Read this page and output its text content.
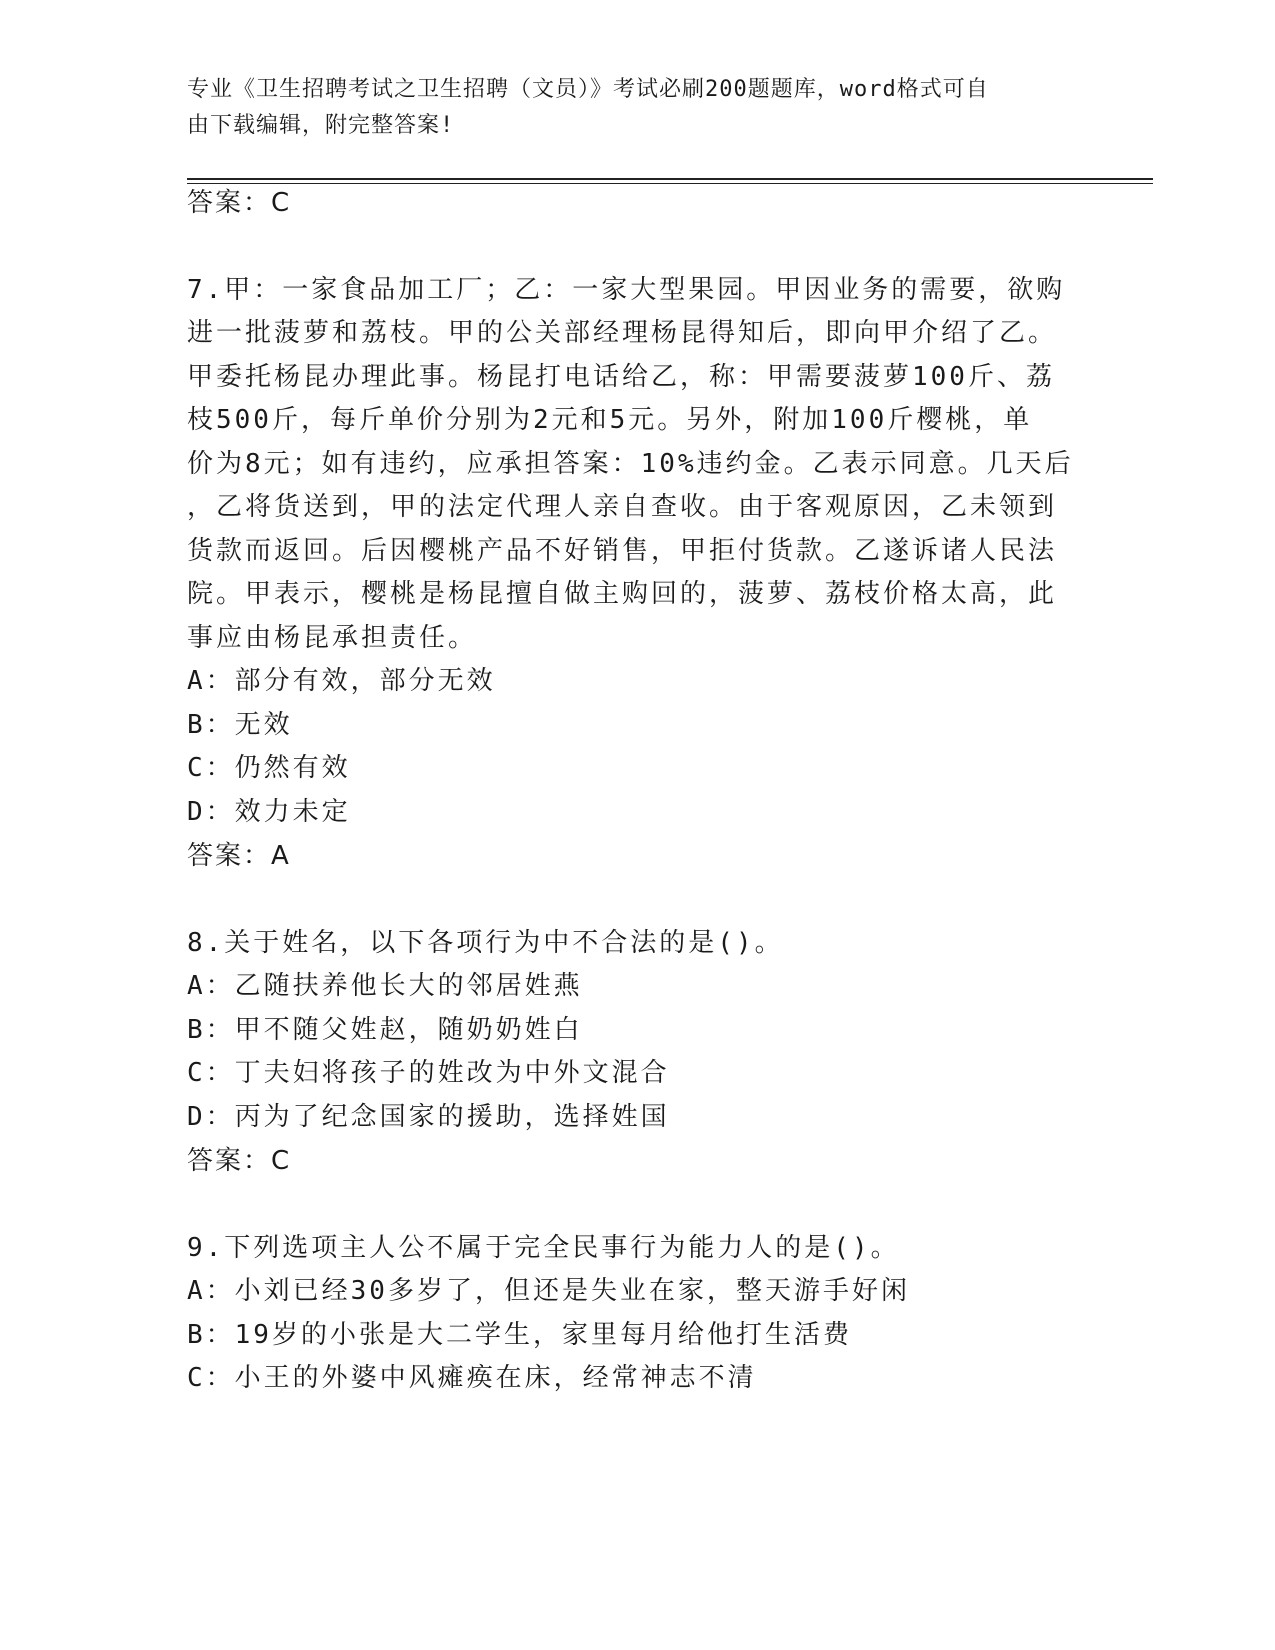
专业《卫生招聘考试之卫生招聘（文员）》考试必刷200题题库，word格式可自
由下载编辑，附完整答案!
答案：C
7.甲：一家食品加工厂；乙：一家大型果园。甲因业务的需要，欲购
进一批菠萝和荔枝。甲的公关部经理杨昆得知后，即向甲介绍了乙。
甲委托杨昆办理此事。杨昆打电话给乙，称：甲需要菠萝100斤、荔
枝500斤，每斤单价分别为2元和5元。另外，附加100斤樱桃，单
价为8元；如有违约，应承担答案：10%违约金。乙表示同意。几天后
，乙将货送到，甲的法定代理人亲自查收。由于客观原因，乙未领到
货款而返回。后因樱桃产品不好销售，甲拒付货款。乙遂诉诸人民法
院。甲表示，樱桃是杨昆擅自做主购回的，菠萝、荔枝价格太高，此
事应由杨昆承担责任。
A：部分有效，部分无效
B：无效
C：仍然有效
D：效力未定
答案：A
8.关于姓名，以下各项行为中不合法的是()。
A：乙随扶养他长大的邻居姓燕
B：甲不随父姓赵，随奶奶姓白
C：丁夫妇将孩子的姓改为中外文混合
D：丙为了纪念国家的援助，选择姓国
答案：C
9.下列选项主人公不属于完全民事行为能力人的是()。
A：小刘已经30多岁了，但还是失业在家，整天游手好闲
B：19岁的小张是大二学生，家里每月给他打生活费
C：小王的外婆中风瘫痪在床，经常神志不清
